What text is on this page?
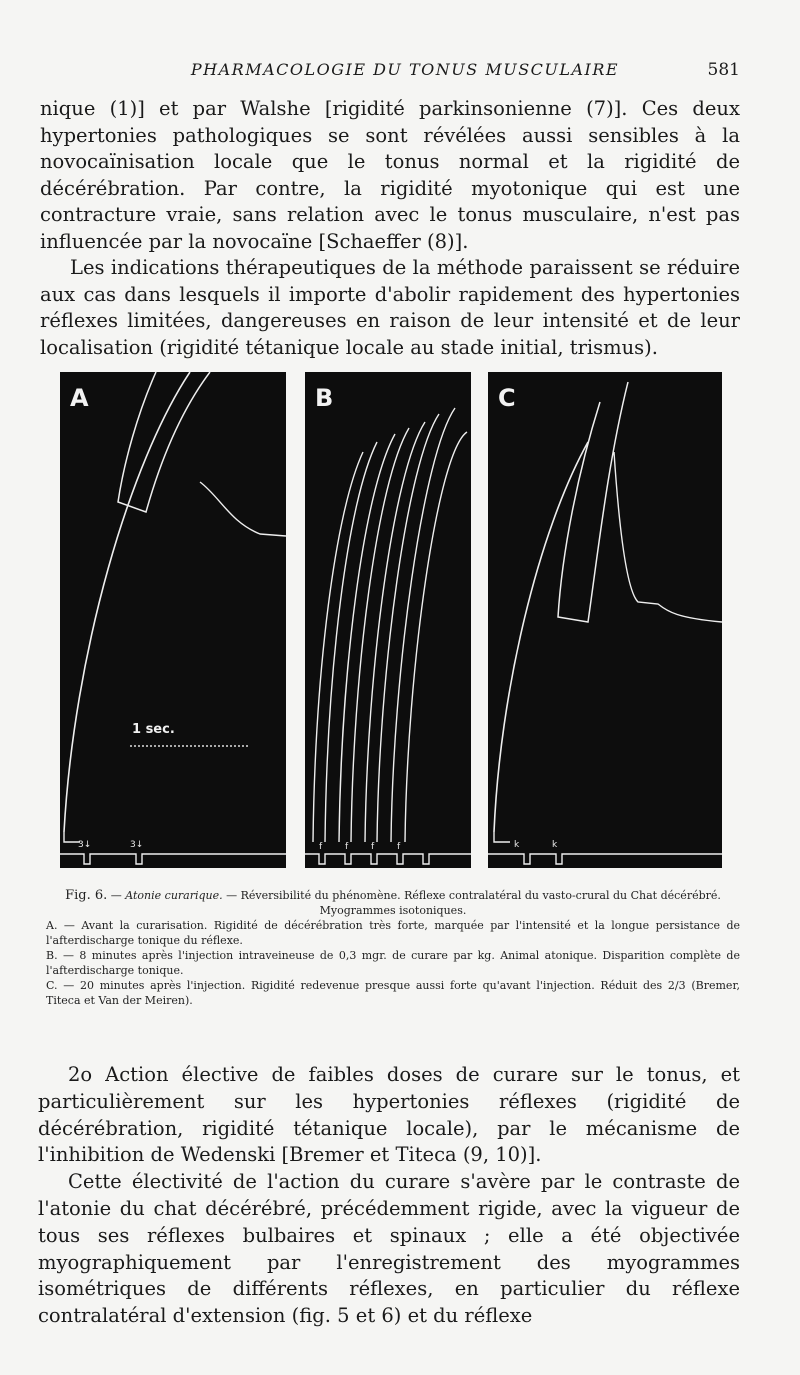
PHARMACOLOGIE DU TONUS MUSCULAIRE	581
nique (1)] et par Walshe [rigidité parkinsonienne (7)]. Ces deux hypertonies pathologiques se sont révélées aussi sensibles à la novocaïnisation locale que le tonus normal et la rigidité de décérébration. Par contre, la rigidité myotonique qui est une contracture vraie, sans relation avec le tonus musculaire, n'est pas influencée par la novocaïne [Schaeffer (8)].
Les indications thérapeutiques de la méthode paraissent se réduire aux cas dans lesquels il importe d'abolir rapidement des hypertonies réflexes limitées, dangereuses en raison de leur intensité et de leur localisation (rigidité tétanique locale au stade initial, trismus).
A
1 sec.
3↓	3↓
B
f	f	f	f
C
k	k

Fig. 6. — Atonie curarique. — Réversibilité du phénomène. Réflexe contralatéral du vasto-crural du Chat décérébré. Myogrammes isotoniques.

A. — Avant la curarisation. Rigidité de décérébration très forte, marquée par l'intensité et la longue persistance de l'afterdischarge tonique du réflexe.

B. — 8 minutes après l'injection intraveineuse de 0,3 mgr. de curare par kg. Animal atonique. Disparition complète de l'afterdischarge tonique.

C. — 20 minutes après l'injection. Rigidité redevenue presque aussi forte qu'avant l'injection. Réduit des 2/3 (Bremer, Titeca et Van der Meiren).

2o Action élective de faibles doses de curare sur le tonus, et particulièrement sur les hypertonies réflexes (rigidité de décérébration, rigidité tétanique locale), par le mécanisme de l'inhibition de Wedenski [Bremer et Titeca (9, 10)].
Cette électivité de l'action du curare s'avère par le contraste de l'atonie du chat décérébré, précédemment rigide, avec la vigueur de tous ses réflexes bulbaires et spinaux ; elle a été objectivée myographiquement par l'enregistrement des myogrammes isométriques de différents réflexes, en particulier du réflexe contralatéral d'extension (fig. 5 et 6) et du réflexe
